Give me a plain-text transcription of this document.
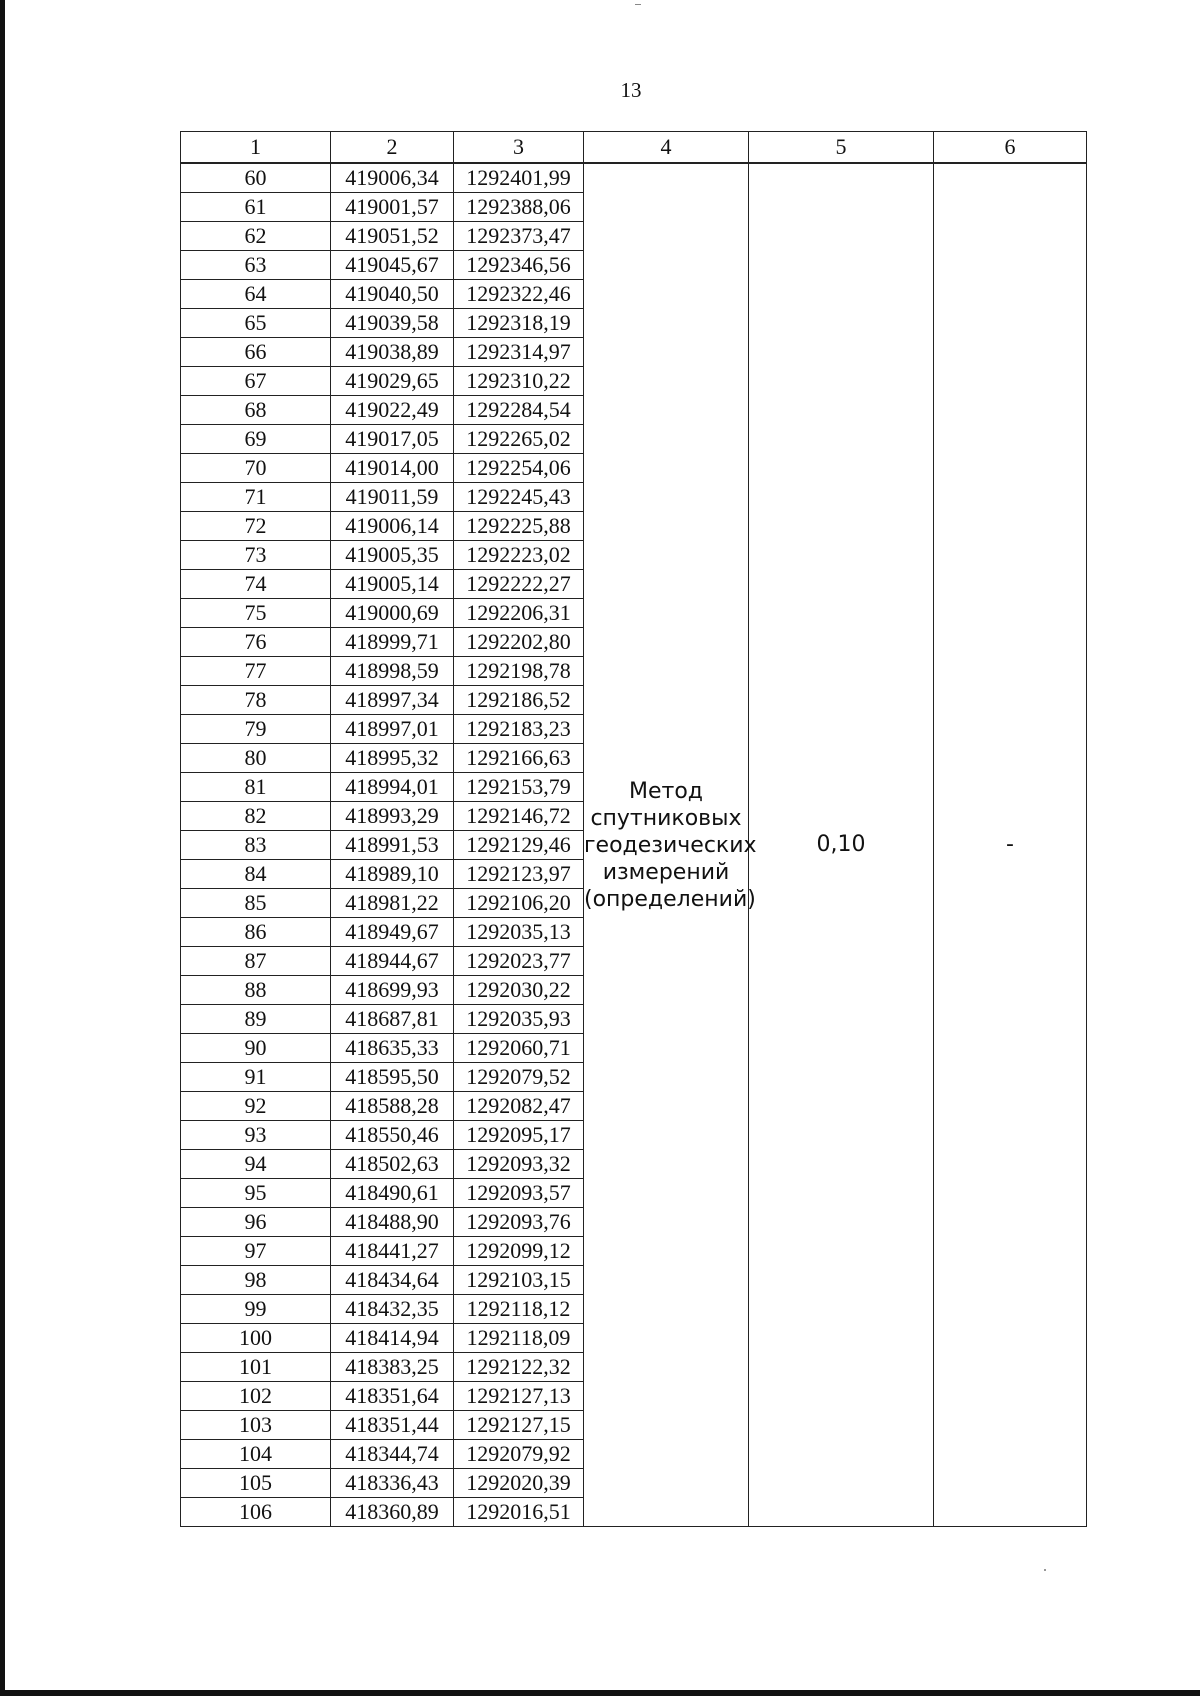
13
1	2	3	4	5	6
60	419006,34	1292401,99	Метод
спутниковых
геодезических
измерений
(определений)	0,10	-
61	419001,57	1292388,06			
62	419051,52	1292373,47			
63	419045,67	1292346,56			
64	419040,50	1292322,46			
65	419039,58	1292318,19			
66	419038,89	1292314,97			
67	419029,65	1292310,22			
68	419022,49	1292284,54			
69	419017,05	1292265,02			
70	419014,00	1292254,06			
71	419011,59	1292245,43			
72	419006,14	1292225,88			
73	419005,35	1292223,02			
74	419005,14	1292222,27			
75	419000,69	1292206,31			
76	418999,71	1292202,80			
77	418998,59	1292198,78			
78	418997,34	1292186,52			
79	418997,01	1292183,23			
80	418995,32	1292166,63			
81	418994,01	1292153,79			
82	418993,29	1292146,72			
83	418991,53	1292129,46			
84	418989,10	1292123,97			
85	418981,22	1292106,20			
86	418949,67	1292035,13			
87	418944,67	1292023,77			
88	418699,93	1292030,22			
89	418687,81	1292035,93			
90	418635,33	1292060,71			
91	418595,50	1292079,52			
92	418588,28	1292082,47			
93	418550,46	1292095,17			
94	418502,63	1292093,32			
95	418490,61	1292093,57			
96	418488,90	1292093,76			
97	418441,27	1292099,12			
98	418434,64	1292103,15			
99	418432,35	1292118,12			
100	418414,94	1292118,09			
101	418383,25	1292122,32			
102	418351,64	1292127,13			
103	418351,44	1292127,15			
104	418344,74	1292079,92			
105	418336,43	1292020,39			
106	418360,89	1292016,51			
